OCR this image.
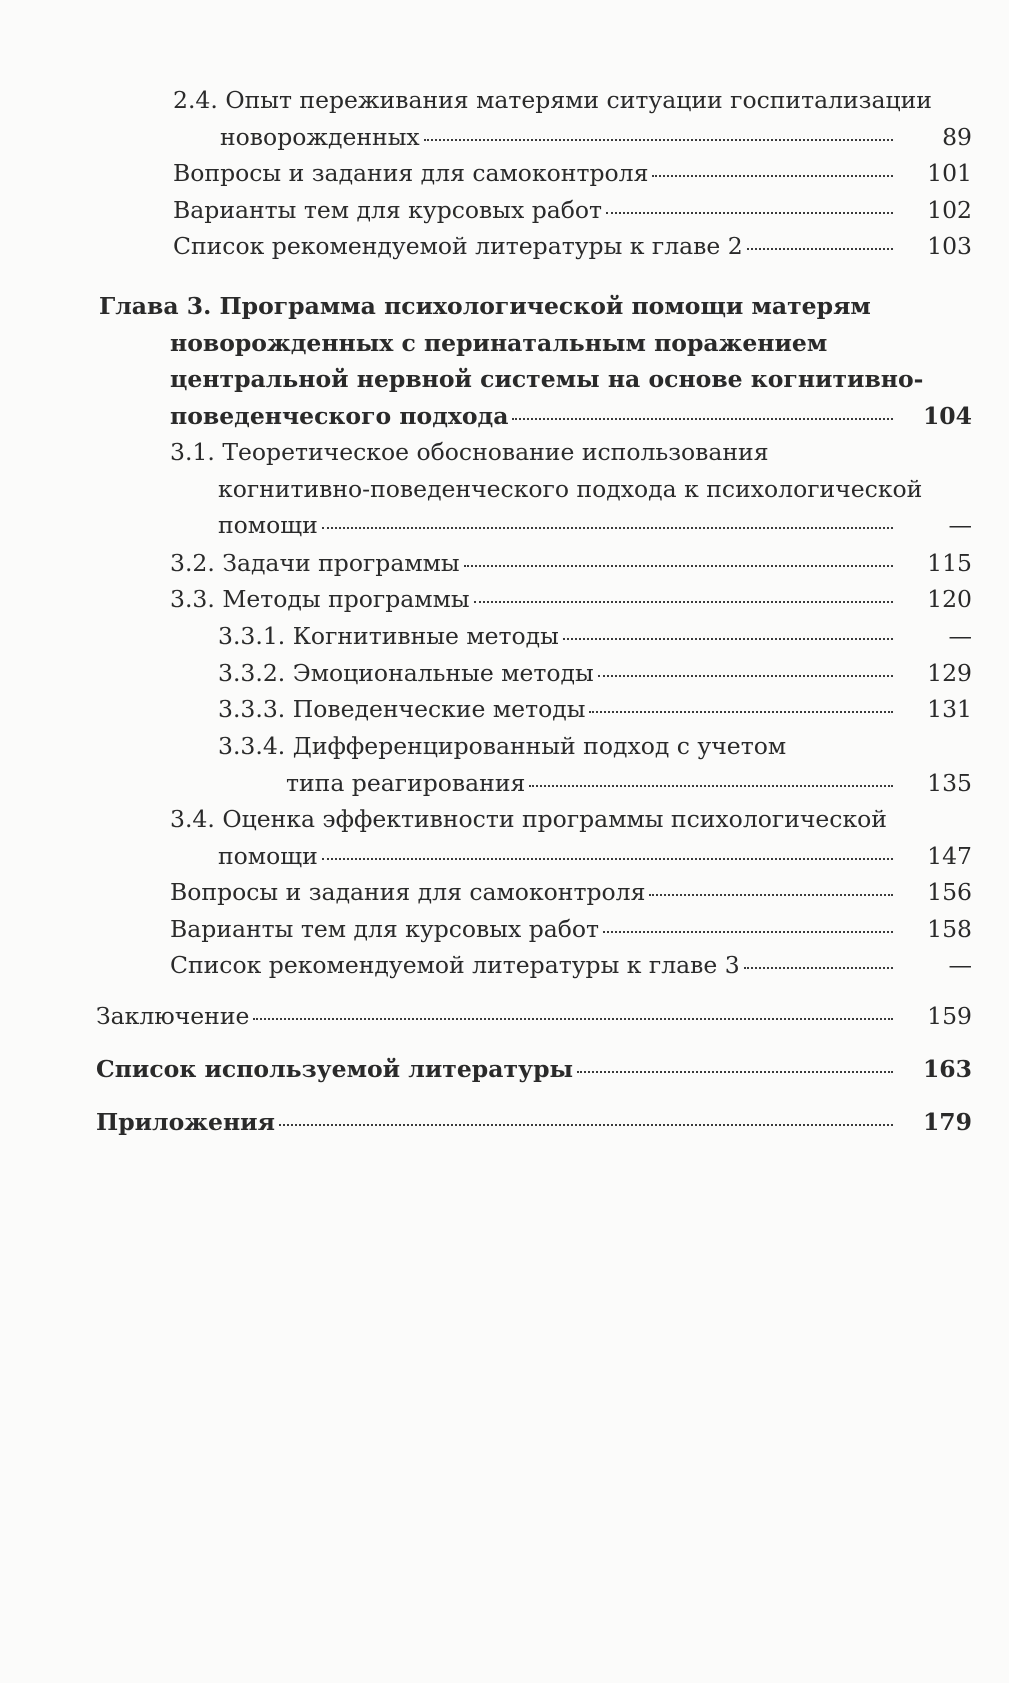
2.4. Опыт переживания матерями ситуации госпитализации
новорожденных	89
Вопросы и задания для самоконтроля	101
Варианты тем для курсовых работ	102
Список рекомендуемой литературы к главе 2	103
Глава 3. Программа психологической помощи матерям
новорожденных с перинатальным поражением
центральной нервной системы на основе когнитивно-
поведенческого подхода	104
3.1. Теоретическое обоснование использования
когнитивно-поведенческого подхода к психологической
помощи	—
3.2. Задачи программы	115
3.3. Методы программы	120
3.3.1. Когнитивные методы	—
3.3.2. Эмоциональные методы	129
3.3.3. Поведенческие методы	131
3.3.4. Дифференцированный подход с учетом
типа реагирования	135
3.4. Оценка эффективности программы психологической
помощи	147
Вопросы и задания для самоконтроля	156
Варианты тем для курсовых работ	158
Список рекомендуемой литературы к главе 3	—
Заключение	159
Список используемой литературы	163
Приложения	179
